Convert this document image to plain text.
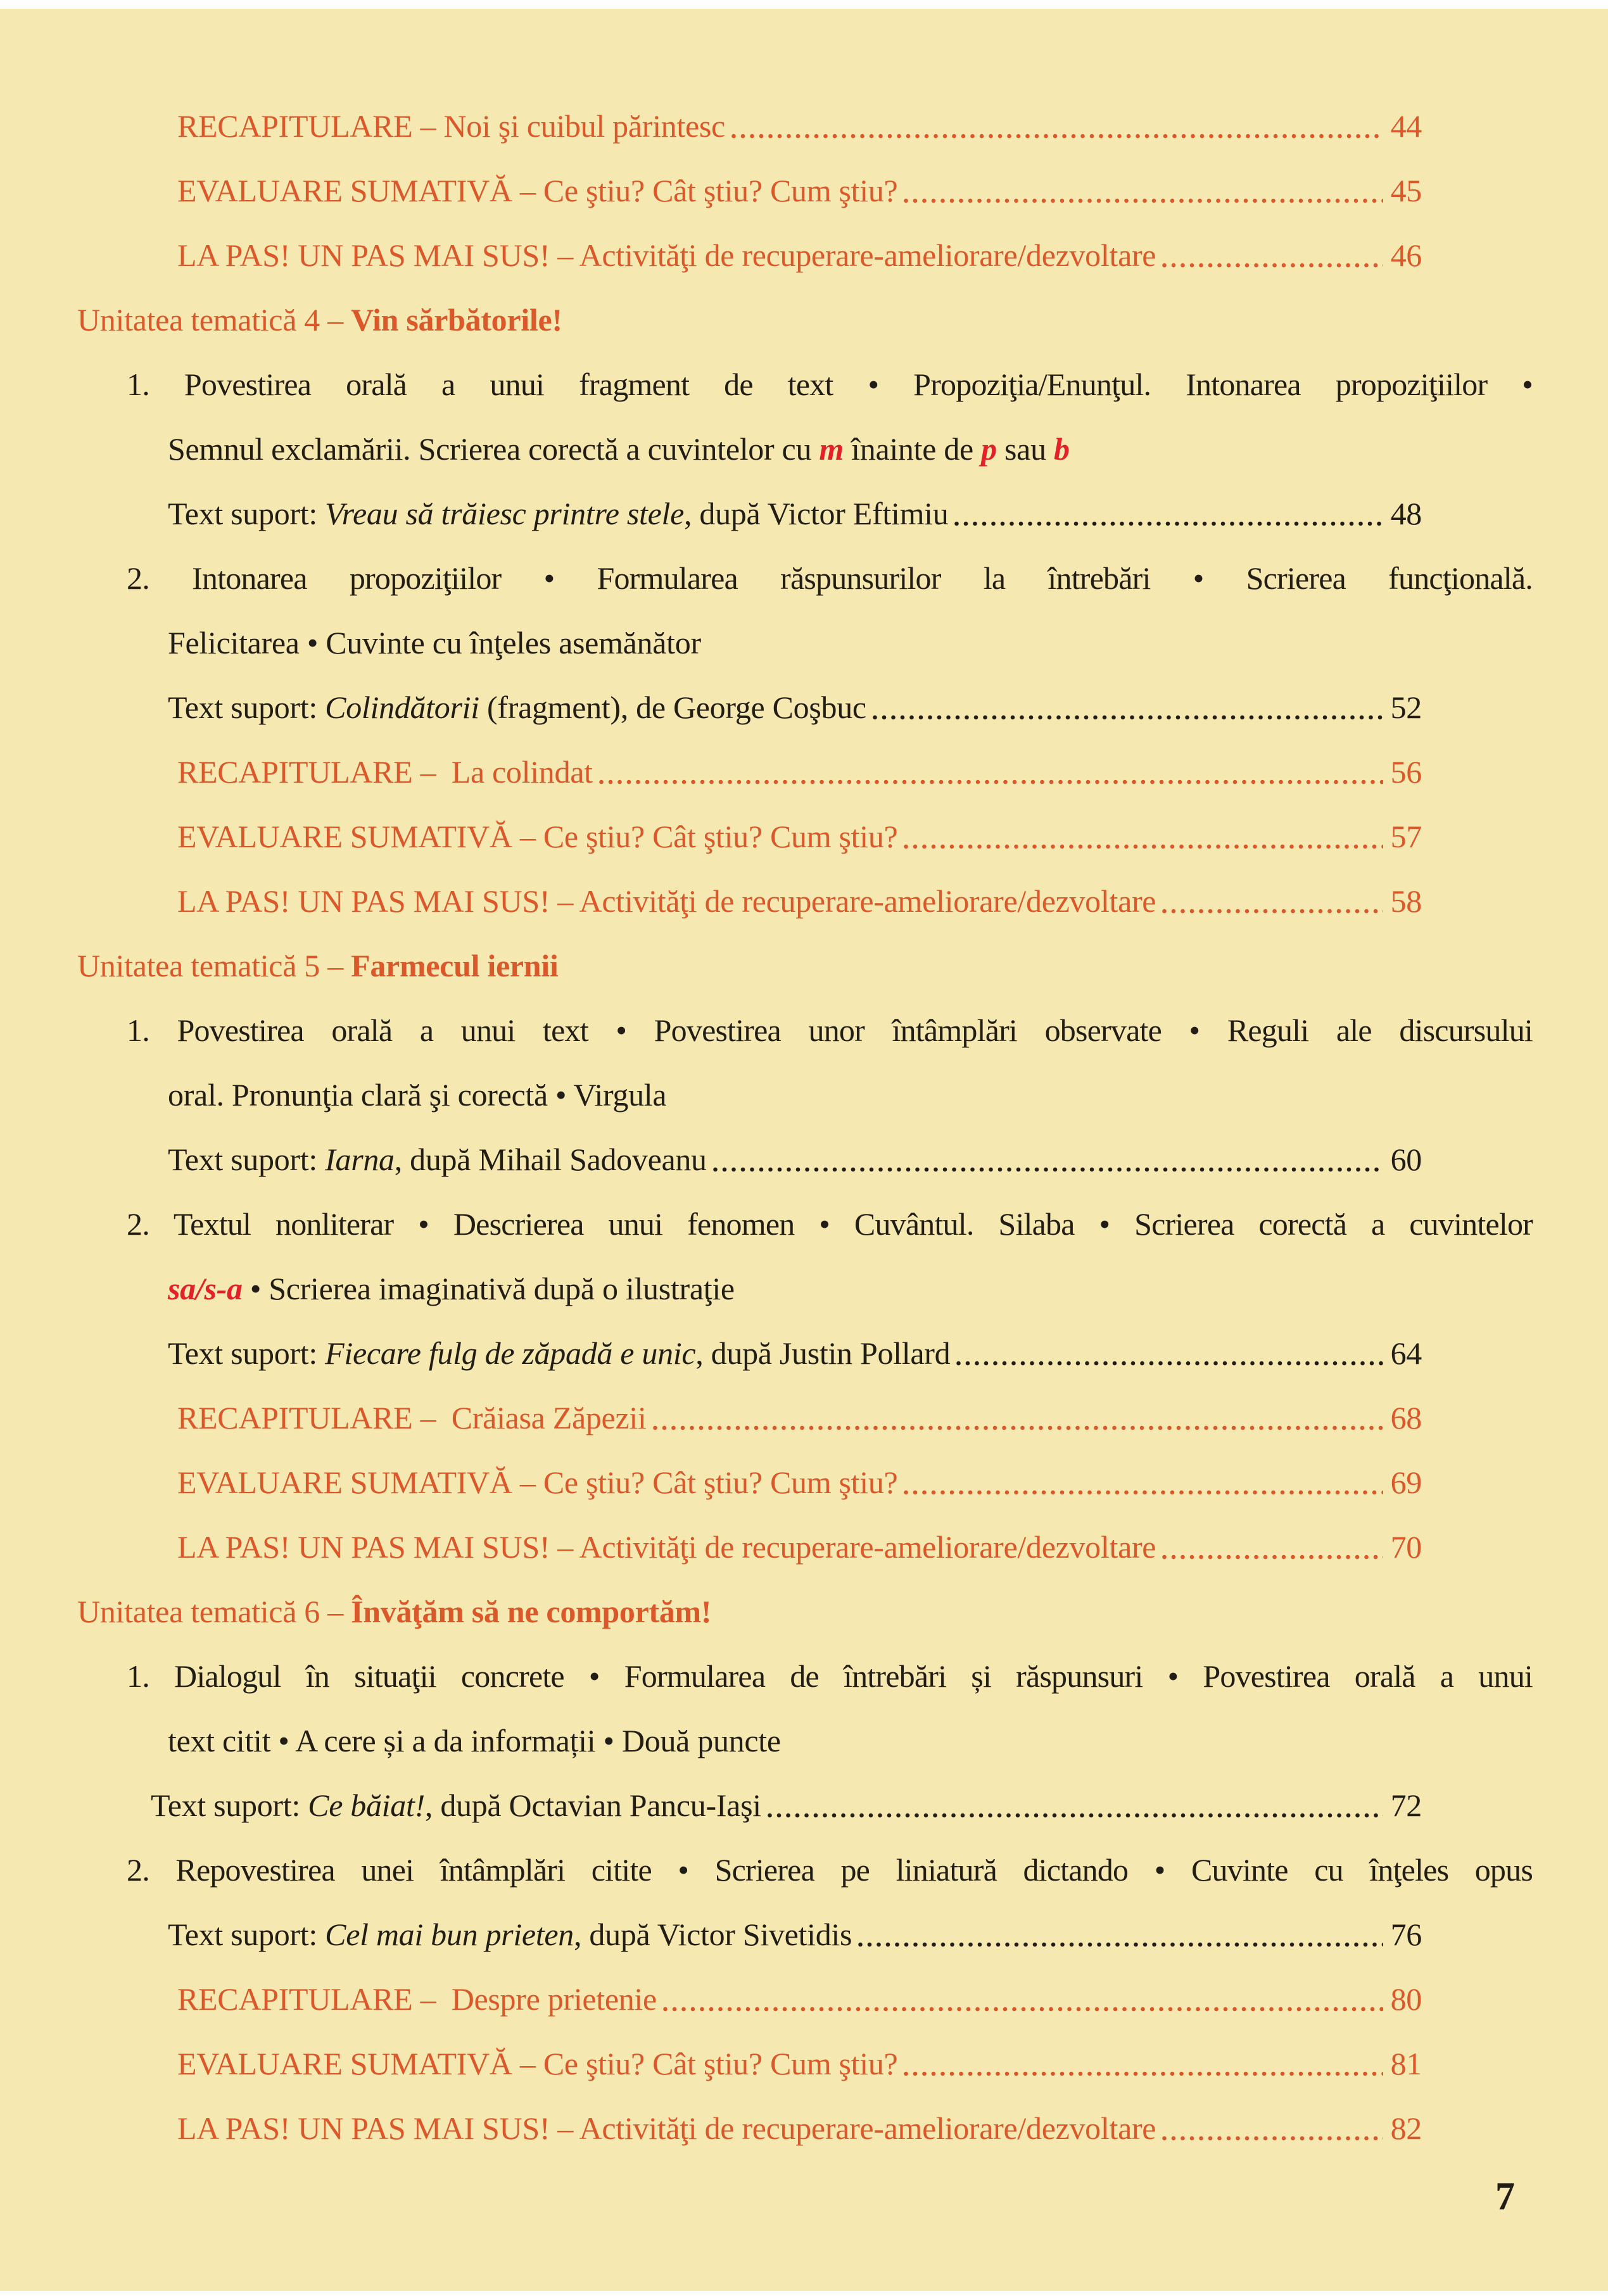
RECAPITULARE – Noi şi cuibul părintesc	44
EVALUARE SUMATIVĂ – Ce ştiu? Cât ştiu? Cum ştiu?	45
LA PAS! UN PAS MAI SUS! – Activităţi de recuperare-ameliorare/dezvoltare	46
Unitatea tematică 4 – Vin sărbătorile!
1. Povestirea orală a unui fragment de text • Propoziţia/Enunţul. Intonarea propoziţiilor •
Semnul exclamării. Scrierea corectă a cuvintelor cu m înainte de p sau b
Text suport: Vreau să trăiesc printre stele, după Victor Eftimiu	48
2. Intonarea propoziţiilor • Formularea răspunsurilor la întrebări • Scrierea funcţională.
Felicitarea • Cuvinte cu înţeles asemănător
Text suport: Colindătorii (fragment), de George Coşbuc	52
RECAPITULARE –  La colindat	56
EVALUARE SUMATIVĂ – Ce ştiu? Cât ştiu? Cum ştiu?	57
LA PAS! UN PAS MAI SUS! – Activităţi de recuperare-ameliorare/dezvoltare	58
Unitatea tematică 5 – Farmecul iernii
1. Povestirea orală a unui text • Povestirea unor întâmplări observate • Reguli ale discursului
oral. Pronunţia clară şi corectă • Virgula
Text suport: Iarna, după Mihail Sadoveanu	60
2. Textul nonliterar • Descrierea unui fenomen • Cuvântul. Silaba • Scrierea corectă a cuvintelor
sa/s-a • Scrierea imaginativă după o ilustraţie
Text suport: Fiecare fulg de zăpadă e unic, după Justin Pollard	64
RECAPITULARE –  Crăiasa Zăpezii	68
EVALUARE SUMATIVĂ – Ce ştiu? Cât ştiu? Cum ştiu?	69
LA PAS! UN PAS MAI SUS! – Activităţi de recuperare-ameliorare/dezvoltare	70
Unitatea tematică 6 – Învăţăm să ne comportăm!
1. Dialogul în situaţii concrete • Formularea de întrebări și răspunsuri • Povestirea orală a unui
text citit • A cere și a da informații • Două puncte
Text suport: Ce băiat!, după Octavian Pancu-Iaşi	72
2. Repovestirea unei întâmplări citite • Scrierea pe liniatură dictando • Cuvinte cu înţeles opus
Text suport: Cel mai bun prieten, după Victor Sivetidis	76
RECAPITULARE –  Despre prietenie	80
EVALUARE SUMATIVĂ – Ce ştiu? Cât ştiu? Cum ştiu?	81
LA PAS! UN PAS MAI SUS! – Activităţi de recuperare-ameliorare/dezvoltare	82
7
